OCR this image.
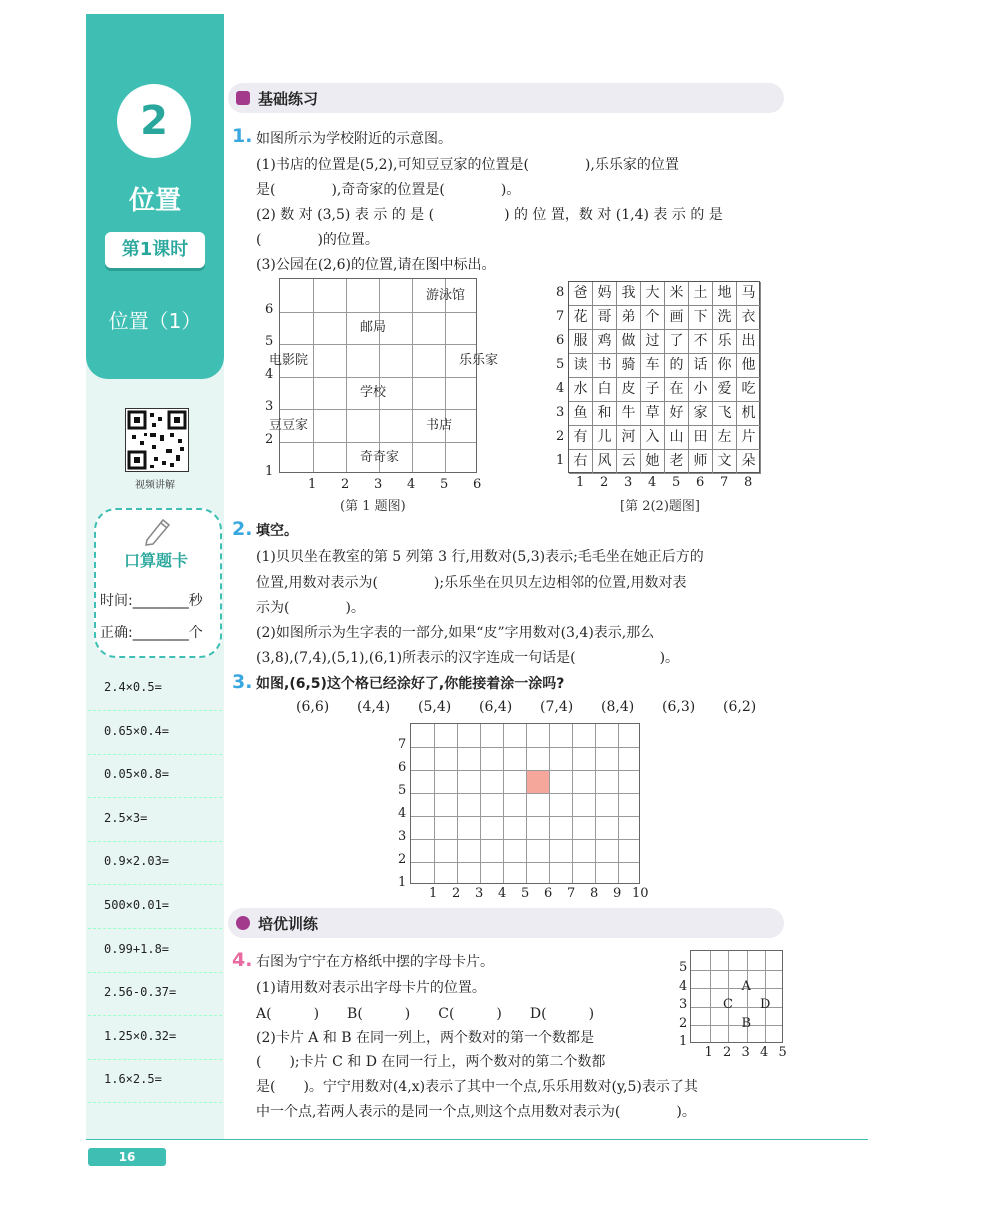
2
位置
第1课时
位置（1）
视频讲解
口算题卡
时间:________秒
正确:________个
2.4×0.5=
0.65×0.4=
0.05×0.8=
2.5×3=
0.9×2.03=
500×0.01=
0.99+1.8=
2.56-0.37=
1.25×0.32=
1.6×2.5=
基础练习
1. 如图所示为学校附近的示意图。
(1)书店的位置是(5,2),可知豆豆家的位置是(　　　　),乐乐家的位置
是(　　　　),奇奇家的位置是(　　　　)。
(2) 数 对 (3,5) 表 示 的 是 (　　　　　) 的 位 置，数 对 (1,4) 表 示 的 是
(　　　　)的位置。
(3)公园在(2,6)的位置,请在图中标出。
1 2 3 4 5 6
6
5
4
3
2
1
游泳馆
邮局
电影院	乐乐家
学校
豆豆家	书店
奇奇家
(第 1 题图)
爸 妈 我 大 米 土 地 马
花 哥 弟 个 画 下 洗 衣
服 鸡 做 过 了 不 乐 出
读 书 骑 车 的 话 你 他
水 白 皮 子 在 小 爱 吃
鱼 和 牛 草 好 家 飞 机
有 儿 河 入 山 田 左 片
右 风 云 她 老 师 文 朵
8
7
6
5
4
3
2
1
1 2 3 4 5 6 7 8
[第 2(2)题图]
2. 填空。
(1)贝贝坐在教室的第 5 列第 3 行,用数对(5,3)表示;毛毛坐在她正后方的
位置,用数对表示为(　　　　);乐乐坐在贝贝左边相邻的位置,用数对表
示为(　　　　)。
(2)如图所示为生字表的一部分,如果“皮”字用数对(3,4)表示,那么
(3,8),(7,4),(5,1),(6,1)所表示的汉字连成一句话是(　　　　　　)。
3. 如图,(6,5)这个格已经涂好了,你能接着涂一涂吗?
(6,6) (4,4) (5,4) (6,4) (7,4) (8,4) (6,3) (6,2)
1 2 3 4 5 6 7 8 9 10
7
6
5
4
3
2
1
培优训练
4. 右图为宁宁在方格纸中摆的字母卡片。
(1)请用数对表示出字母卡片的位置。
A(　　　)　　B(　　　)　　C(　　　)　　D(　　　)
(2)卡片 A 和 B 在同一列上，两个数对的第一个数都是
(　　);卡片 C 和 D 在同一行上，两个数对的第二个数都
是(　　)。宁宁用数对(4,x)表示了其中一个点,乐乐用数对(y,5)表示了其
中一个点,若两人表示的是同一个点,则这个点用数对表示为(　　　　)。
A
C D
B
1 2 3 4 5
5
4
3
2
1
16
